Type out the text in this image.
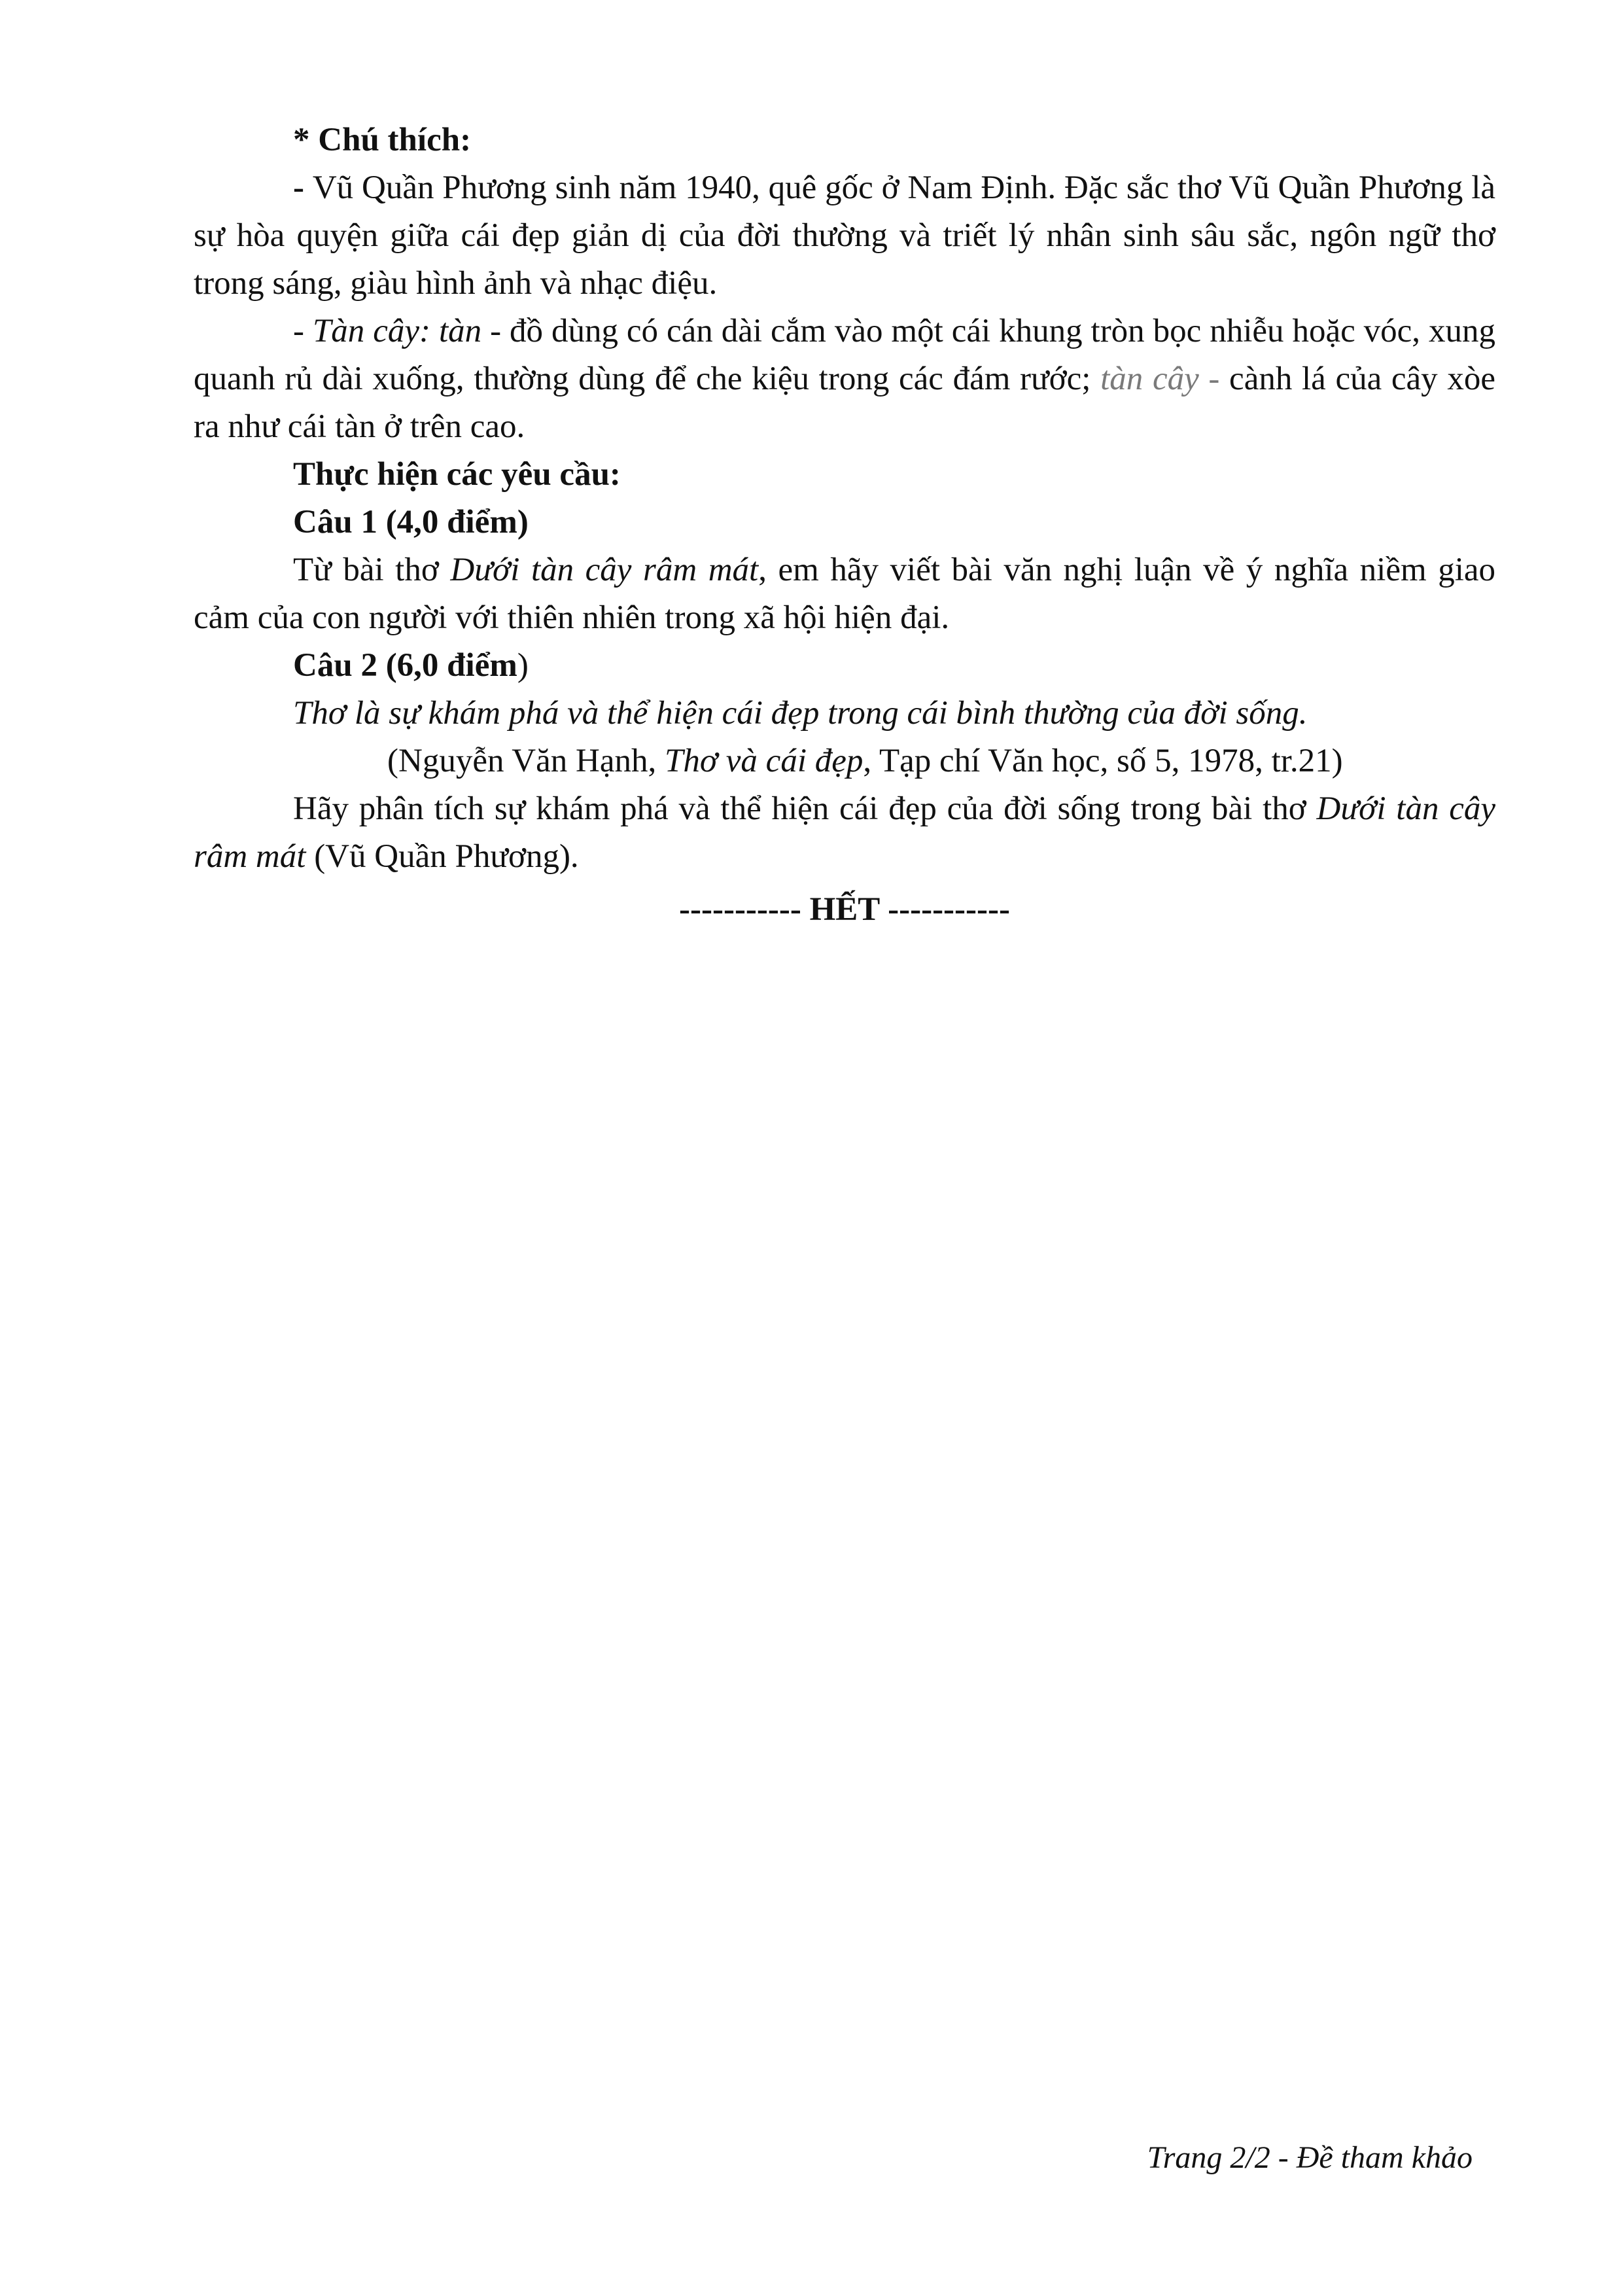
* Chú thích:

- Vũ Quần Phương sinh năm 1940, quê gốc ở Nam Định. Đặc sắc thơ Vũ Quần Phương là sự hòa quyện giữa cái đẹp giản dị của đời thường và triết lý nhân sinh sâu sắc, ngôn ngữ thơ trong sáng, giàu hình ảnh và nhạc điệu.

- Tàn cây: tàn - đồ dùng có cán dài cắm vào một cái khung tròn bọc nhiễu hoặc vóc, xung quanh rủ dài xuống, thường dùng để che kiệu trong các đám rước; tàn cây - cành lá của cây xòe ra như cái tàn ở trên cao.

Thực hiện các yêu cầu:

Câu 1 (4,0 điểm)

Từ bài thơ Dưới tàn cây râm mát, em hãy viết bài văn nghị luận về ý nghĩa niềm giao cảm của con người với thiên nhiên trong xã hội hiện đại.

Câu 2 (6,0 điểm)

Thơ là sự khám phá và thể hiện cái đẹp trong cái bình thường của đời sống.

(Nguyễn Văn Hạnh, Thơ và cái đẹp, Tạp chí Văn học, số 5, 1978, tr.21)

Hãy phân tích sự khám phá và thể hiện cái đẹp của đời sống trong bài thơ Dưới tàn cây râm mát (Vũ Quần Phương).

----------- HẾT -----------

Trang 2/2 - Đề tham khảo
